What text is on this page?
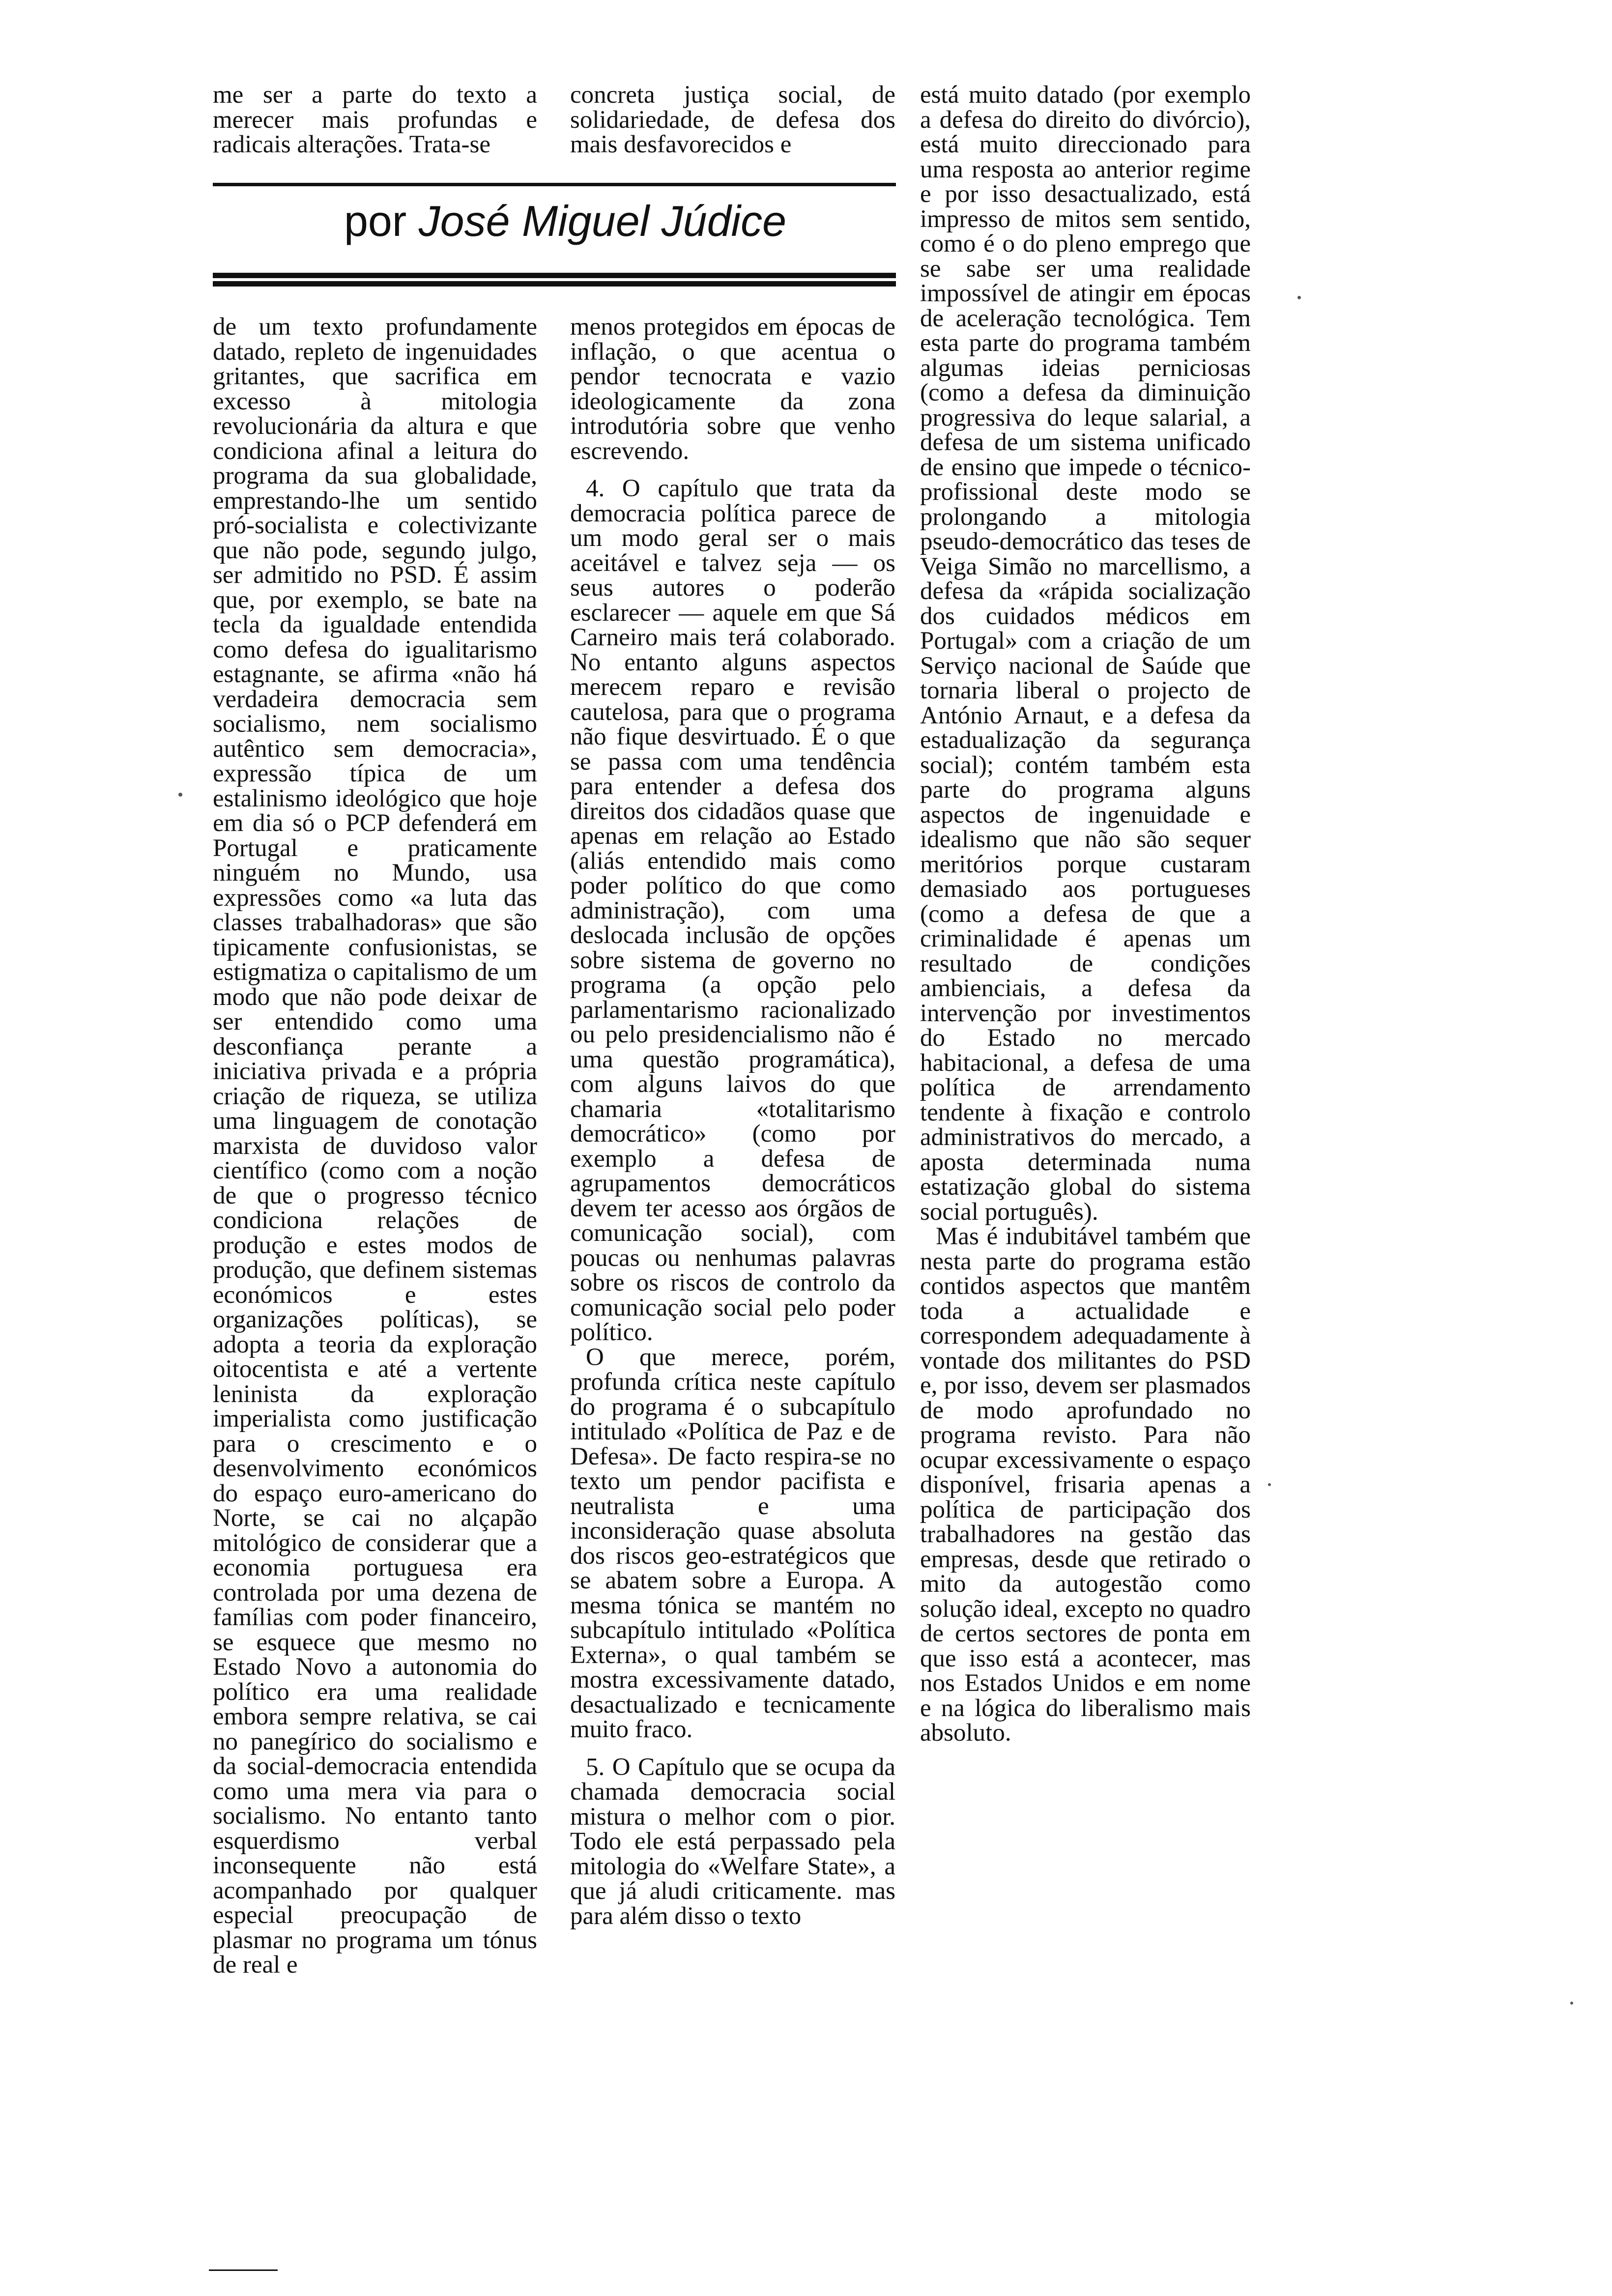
me ser a parte do texto a merecer mais profundas e radicais alterações. Trata-se

concreta justiça social, de solidariedade, de defesa dos mais desfavorecidos e

por José Miguel Júdice

de um texto profundamente datado, repleto de ingenuidades gritantes, que sacrifica em excesso à mitologia revolucionária da altura e que condiciona afinal a leitura do programa da sua globalidade, emprestando-lhe um sentido pró-socialista e colectivizante que não pode, segundo julgo, ser admitido no PSD. É assim que, por exemplo, se bate na tecla da igualdade entendida como defesa do igualitarismo estagnante, se afirma «não há verdadeira democracia sem socialismo, nem socialismo autêntico sem democracia», expressão típica de um estalinismo ideológico que hoje em dia só o PCP defenderá em Portugal e praticamente ninguém no Mundo, usa expressões como «a luta das classes trabalhadoras» que são tipicamente confusionistas, se estigmatiza o capitalismo de um modo que não pode deixar de ser entendido como uma desconfiança perante a iniciativa privada e a própria criação de riqueza, se utiliza uma linguagem de conotação marxista de duvidoso valor científico (como com a noção de que o progresso técnico condiciona relações de produção e estes modos de produção, que definem sistemas económicos e estes organizações políticas), se adopta a teoria da exploração oitocentista e até a vertente leninista da exploração imperialista como justificação para o crescimento e o desenvolvimento económicos do espaço euro-americano do Norte, se cai no alçapão mitológico de considerar que a economia portuguesa era controlada por uma dezena de famílias com poder financeiro, se esquece que mesmo no Estado Novo a autonomia do político era uma realidade embora sempre relativa, se cai no panegírico do socialismo e da social-democracia entendida como uma mera via para o socialismo. No entanto tanto esquerdismo verbal inconsequente não está acompanhado por qualquer especial preocupação de plasmar no programa um tónus de real e

menos protegidos em épocas de inflação, o que acentua o pendor tecnocrata e vazio ideologicamente da zona introdutória sobre que venho escrevendo.

4. O capítulo que trata da democracia política parece de um modo geral ser o mais aceitável e talvez seja — os seus autores o poderão esclarecer — aquele em que Sá Carneiro mais terá colaborado. No entanto alguns aspectos merecem reparo e revisão cautelosa, para que o programa não fique desvirtuado. É o que se passa com uma tendência para entender a defesa dos direitos dos cidadãos quase que apenas em relação ao Estado (aliás entendido mais como poder político do que como administração), com uma deslocada inclusão de opções sobre sistema de governo no programa (a opção pelo parlamentarismo racionalizado ou pelo presidencialismo não é uma questão programática), com alguns laivos do que chamaria «totalitarismo democrático» (como por exemplo a defesa de agrupamentos democráticos devem ter acesso aos órgãos de comunicação social), com poucas ou nenhumas palavras sobre os riscos de controlo da comunicação social pelo poder político.

O que merece, porém, profunda crítica neste capítulo do programa é o subcapítulo intitulado «Política de Paz e de Defesa». De facto respira-se no texto um pendor pacifista e neutralista e uma inconsideração quase absoluta dos riscos geo-estratégicos que se abatem sobre a Europa. A mesma tónica se mantém no subcapítulo intitulado «Política Externa», o qual também se mostra excessivamente datado, desactualizado e tecnicamente muito fraco.

5. O Capítulo que se ocupa da chamada democracia social mistura o melhor com o pior. Todo ele está perpassado pela mitologia do «Welfare State», a que já aludi criticamente. mas para além disso o texto

está muito datado (por exemplo a defesa do direito do divórcio), está muito direccionado para uma resposta ao anterior regime e por isso desactualizado, está impresso de mitos sem sentido, como é o do pleno emprego que se sabe ser uma realidade impossível de atingir em épocas de aceleração tecnológica. Tem esta parte do programa também algumas ideias perniciosas (como a defesa da diminuição progressiva do leque salarial, a defesa de um sistema unificado de ensino que impede o técnico-profissional deste modo se prolongando a mitologia pseudo-democrático das teses de Veiga Simão no marcellismo, a defesa da «rápida socialização dos cuidados médicos em Portugal» com a criação de um Serviço nacional de Saúde que tornaria liberal o projecto de António Arnaut, e a defesa da estadualização da segurança social); contém também esta parte do programa alguns aspectos de ingenuidade e idealismo que não são sequer meritórios porque custaram demasiado aos portugueses (como a defesa de que a criminalidade é apenas um resultado de condições ambienciais, a defesa da intervenção por investimentos do Estado no mercado habitacional, a defesa de uma política de arrendamento tendente à fixação e controlo administrativos do mercado, a aposta determinada numa estatização global do sistema social português).

Mas é indubitável também que nesta parte do programa estão contidos aspectos que mantêm toda a actualidade e correspondem adequadamente à vontade dos militantes do PSD e, por isso, devem ser plasmados de modo aprofundado no programa revisto. Para não ocupar excessivamente o espaço disponível, frisaria apenas a política de participação dos trabalhadores na gestão das empresas, desde que retirado o mito da autogestão como solução ideal, excepto no quadro de certos sectores de ponta em que isso está a acontecer, mas nos Estados Unidos e em nome e na lógica do liberalismo mais absoluto.
